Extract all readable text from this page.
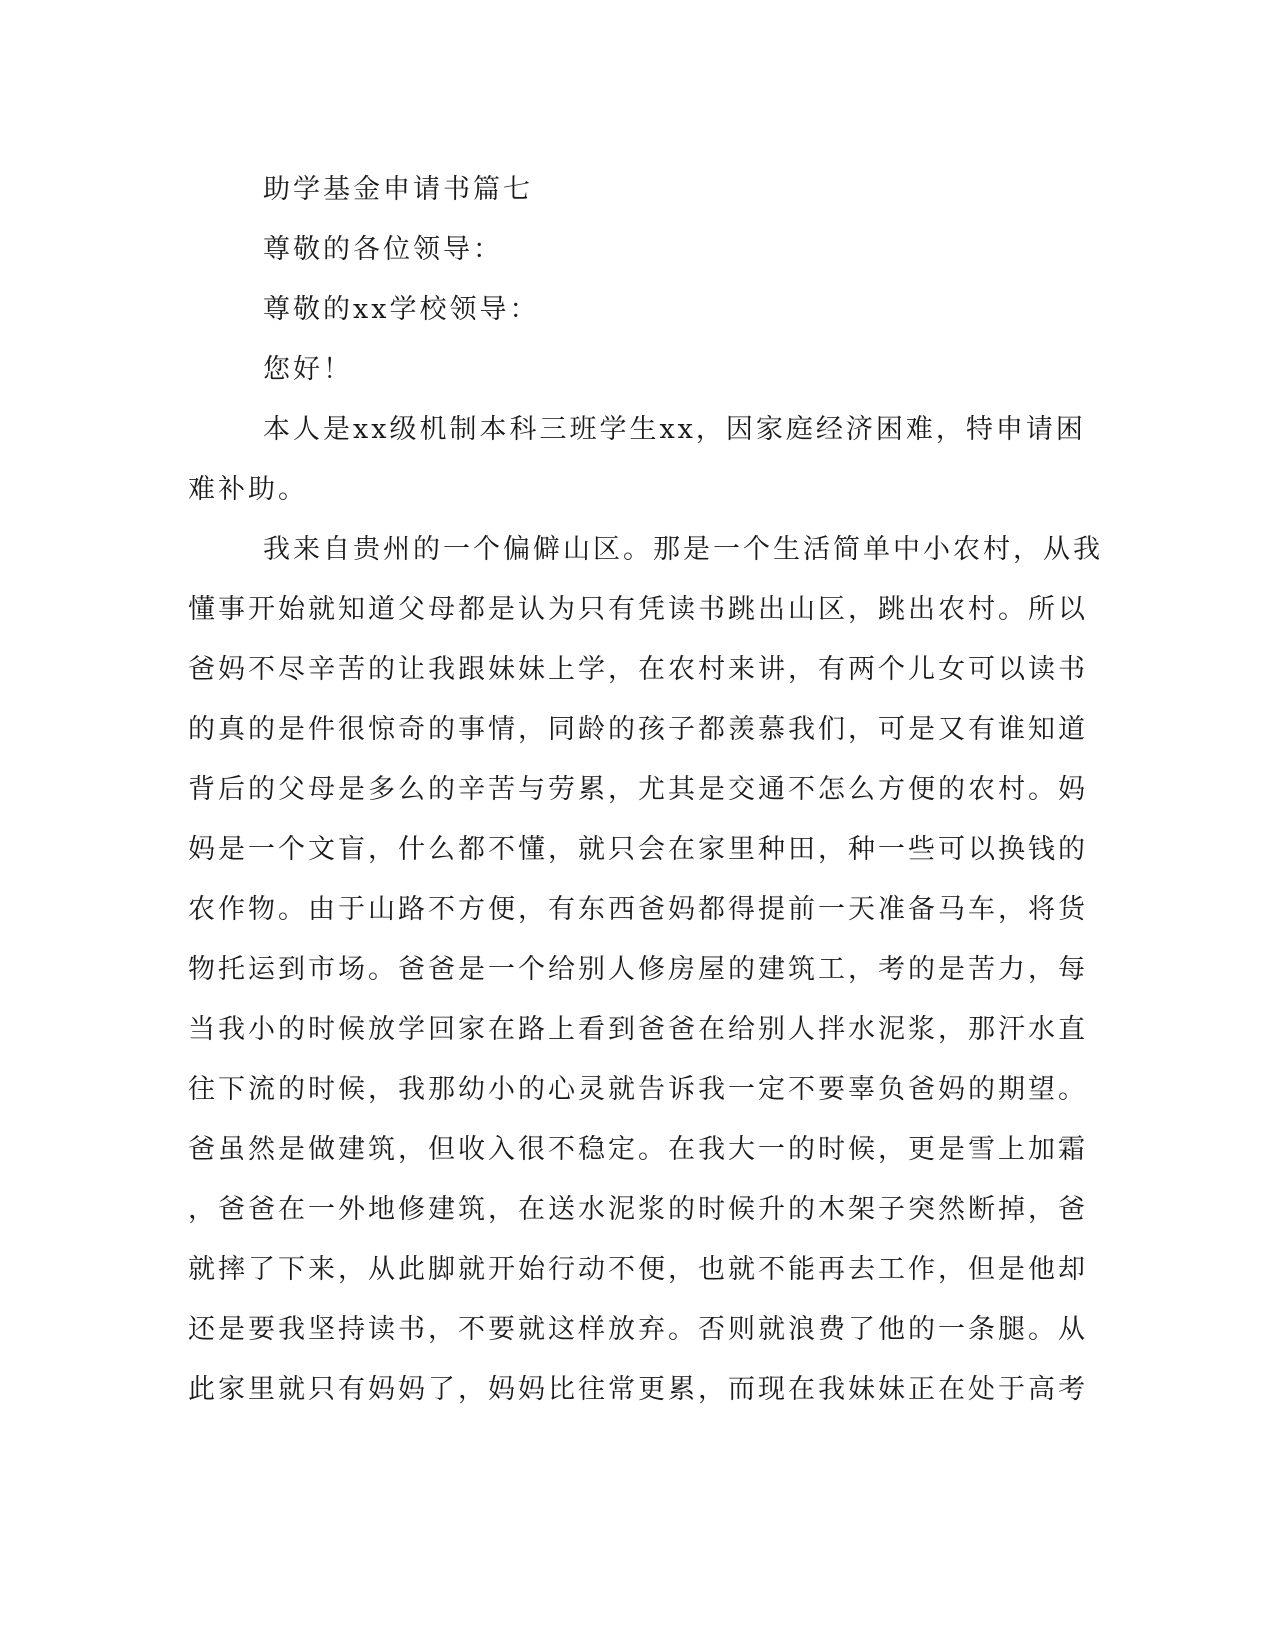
助学基金申请书篇七

尊敬的各位领导：

尊敬的xx学校领导：

您好！

本人是xx级机制本科三班学生xx，因家庭经济困难，特申请困

难补助。

我来自贵州的一个偏僻山区。那是一个生活简单中小农村，从我

懂事开始就知道父母都是认为只有凭读书跳出山区，跳出农村。所以

爸妈不尽辛苦的让我跟妹妹上学，在农村来讲，有两个儿女可以读书

的真的是件很惊奇的事情，同龄的孩子都羡慕我们，可是又有谁知道

背后的父母是多么的辛苦与劳累，尤其是交通不怎么方便的农村。妈

妈是一个文盲，什么都不懂，就只会在家里种田，种一些可以换钱的

农作物。由于山路不方便，有东西爸妈都得提前一天准备马车，将货

物托运到市场。爸爸是一个给别人修房屋的建筑工，考的是苦力，每

当我小的时候放学回家在路上看到爸爸在给别人拌水泥浆，那汗水直

往下流的时候，我那幼小的心灵就告诉我一定不要辜负爸妈的期望。

爸虽然是做建筑，但收入很不稳定。在我大一的时候，更是雪上加霜

，爸爸在一外地修建筑，在送水泥浆的时候升的木架子突然断掉，爸

就摔了下来，从此脚就开始行动不便，也就不能再去工作，但是他却

还是要我坚持读书，不要就这样放弃。否则就浪费了他的一条腿。从

此家里就只有妈妈了，妈妈比往常更累，而现在我妹妹正在处于高考
